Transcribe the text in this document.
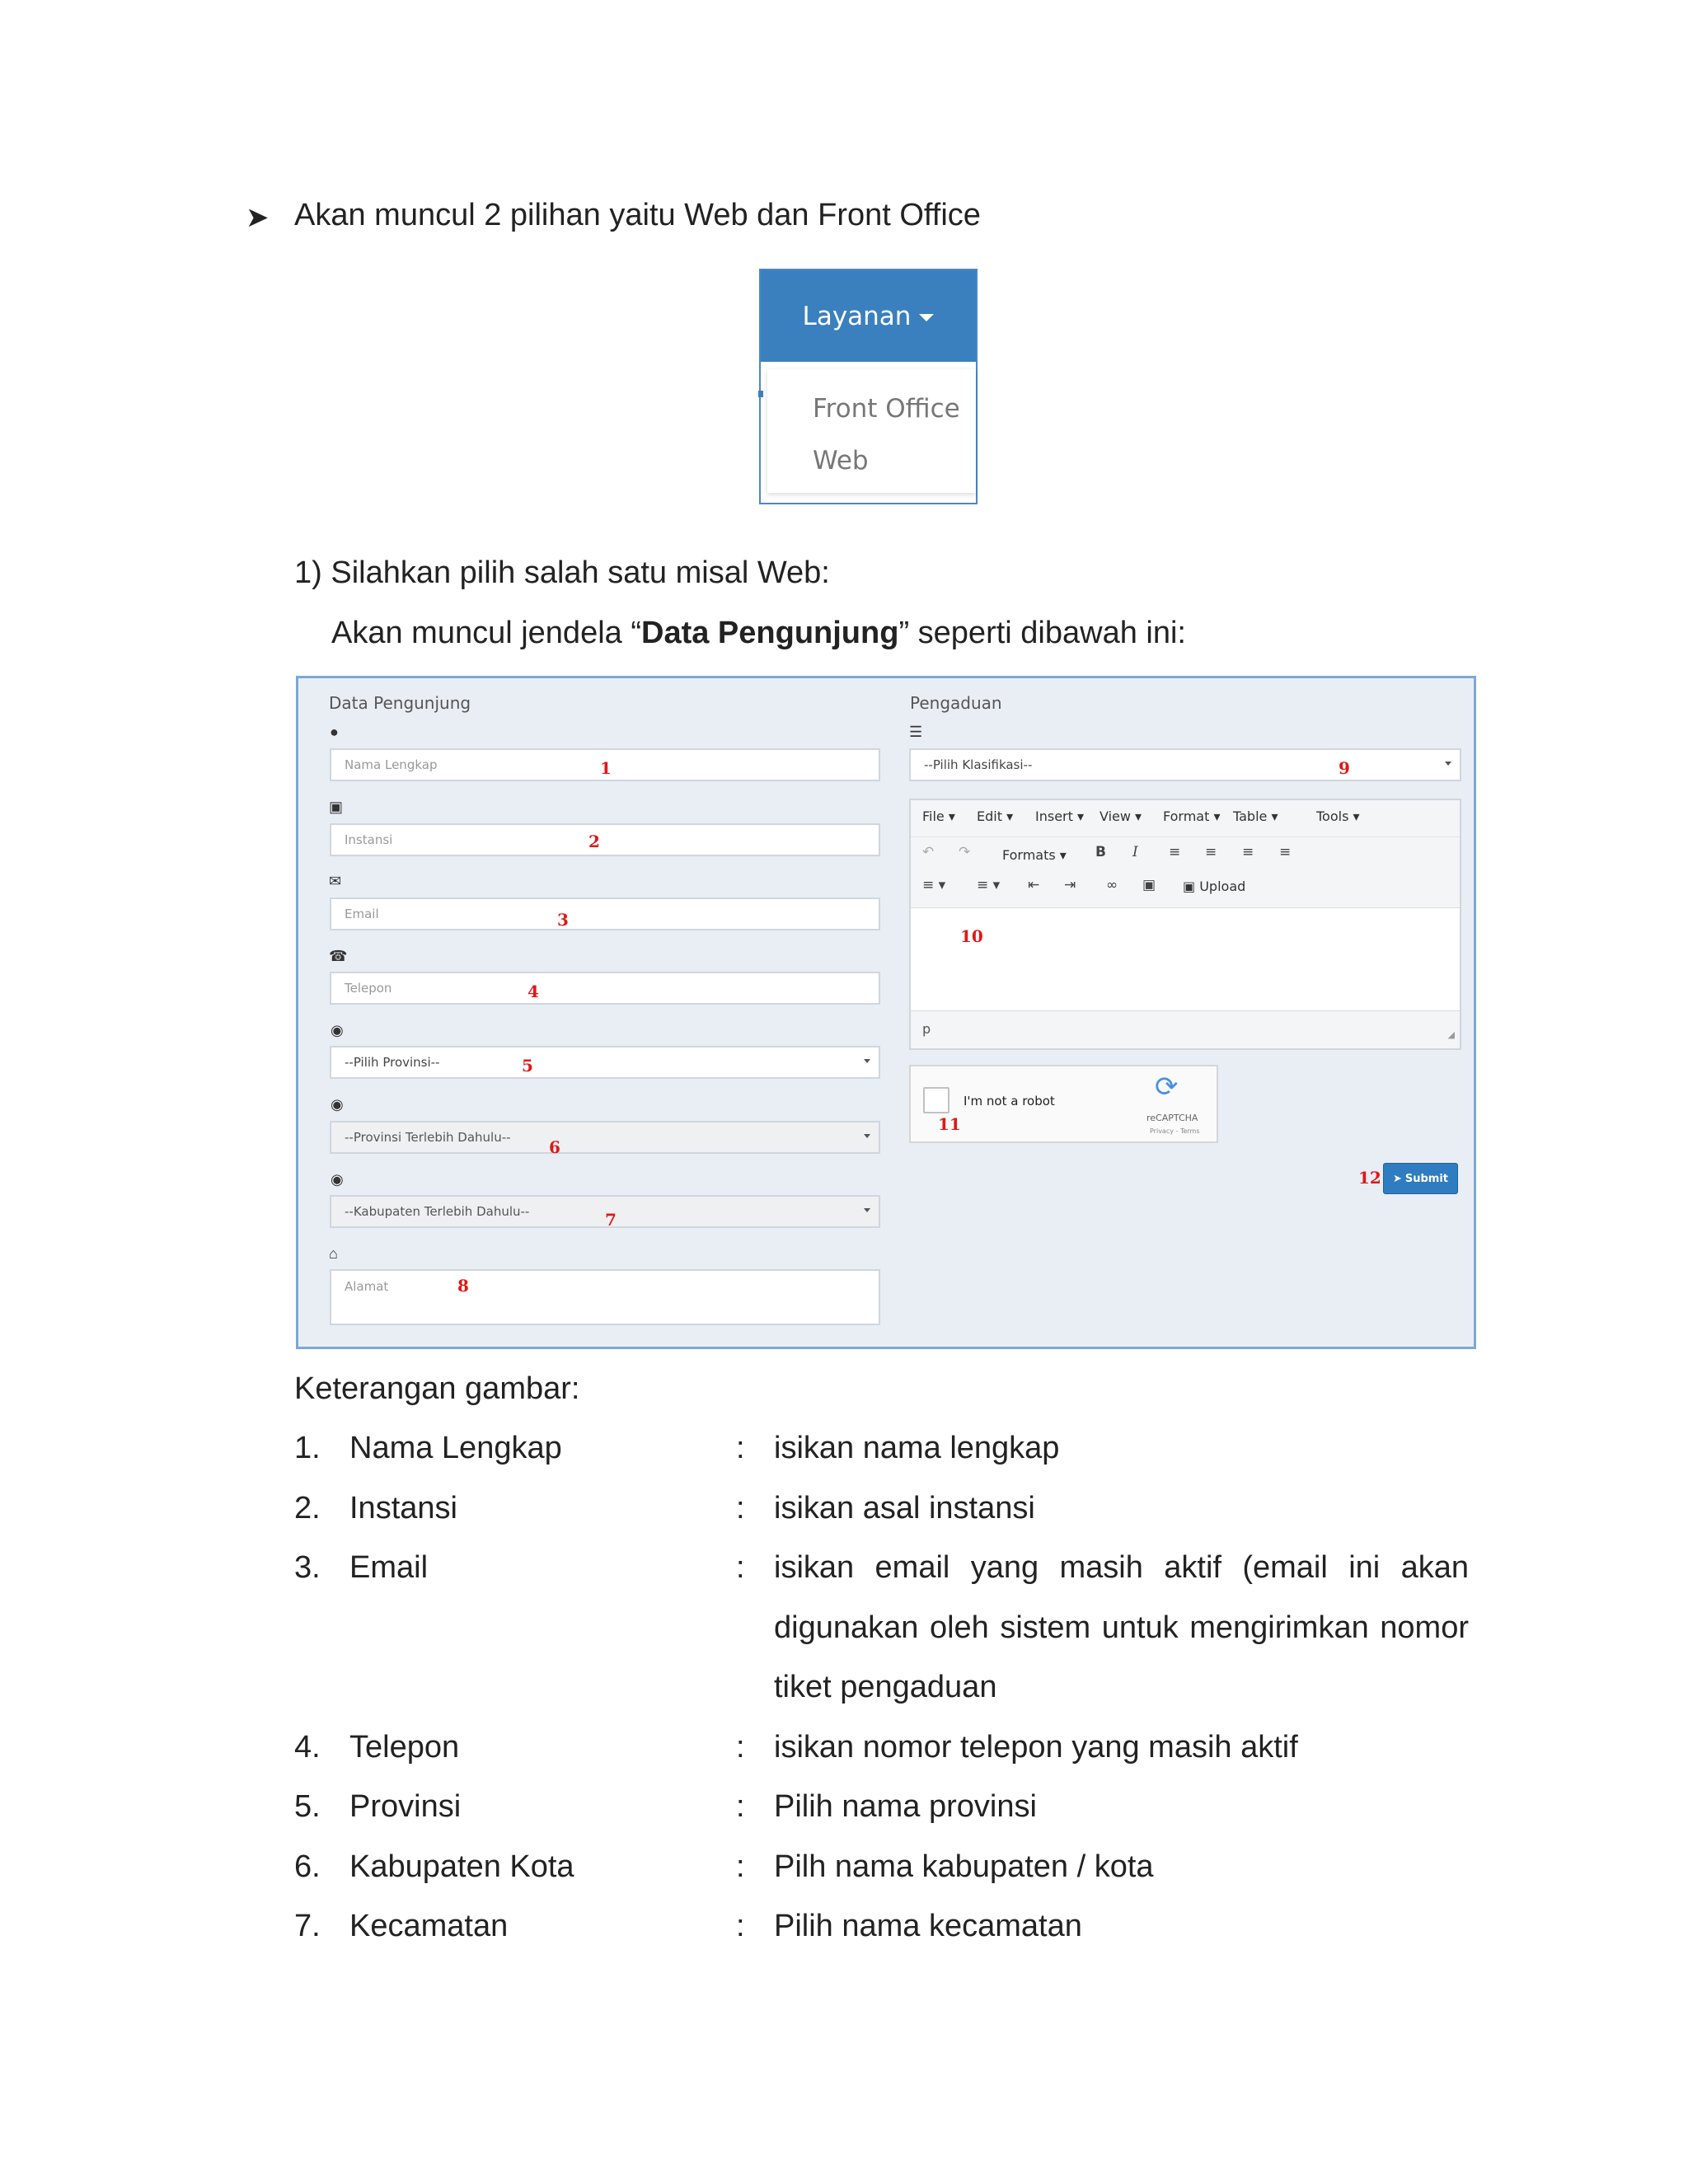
➤ Akan muncul 2 pilihan yaitu Web dan Front Office
Layanan
Front Office
Web
1) Silahkan pilih salah satu misal Web:
Akan muncul jendela “Data Pengunjung” seperti dibawah ini:
Data Pengunjung	Pengaduan
●
▣
✉
☎
◉
◉
◉
⌂
☰
Nama Lengkap	1
Instansi	2
Email	3
Telepon	4
--Pilih Provinsi--	5
--Provinsi Terlebih Dahulu-- 6
--Kabupaten Terlebih Dahulu--	7
Alamat	8
--Pilih Klasifikasi--	9
File ▾ Edit ▾ Insert ▾ View ▾ Format ▾ Table ▾	Tools ▾
↶ ↷ Formats ▾ B I ≡ ≡ ≡ ≡
≡ ▾ ≡ ▾ ⇤ ⇥ ∞ ▣ ▣ Upload
10
p	◢
I'm not a robot	⟳
reCAPTCHA
Privacy - Terms
11
12 ➤ Submit
Keterangan gambar:
1. Nama Lengkap	: isikan nama lengkap
2. Instansi	: isikan asal instansi
3. Email	: isikan email yang masih aktif (email ini akan
digunakan oleh sistem untuk mengirimkan nomor
tiket pengaduan
4. Telepon	: isikan nomor telepon yang masih aktif
5. Provinsi	: Pilih nama provinsi
6. Kabupaten Kota	: Pilh nama kabupaten / kota
7. Kecamatan	: Pilih nama kecamatan
